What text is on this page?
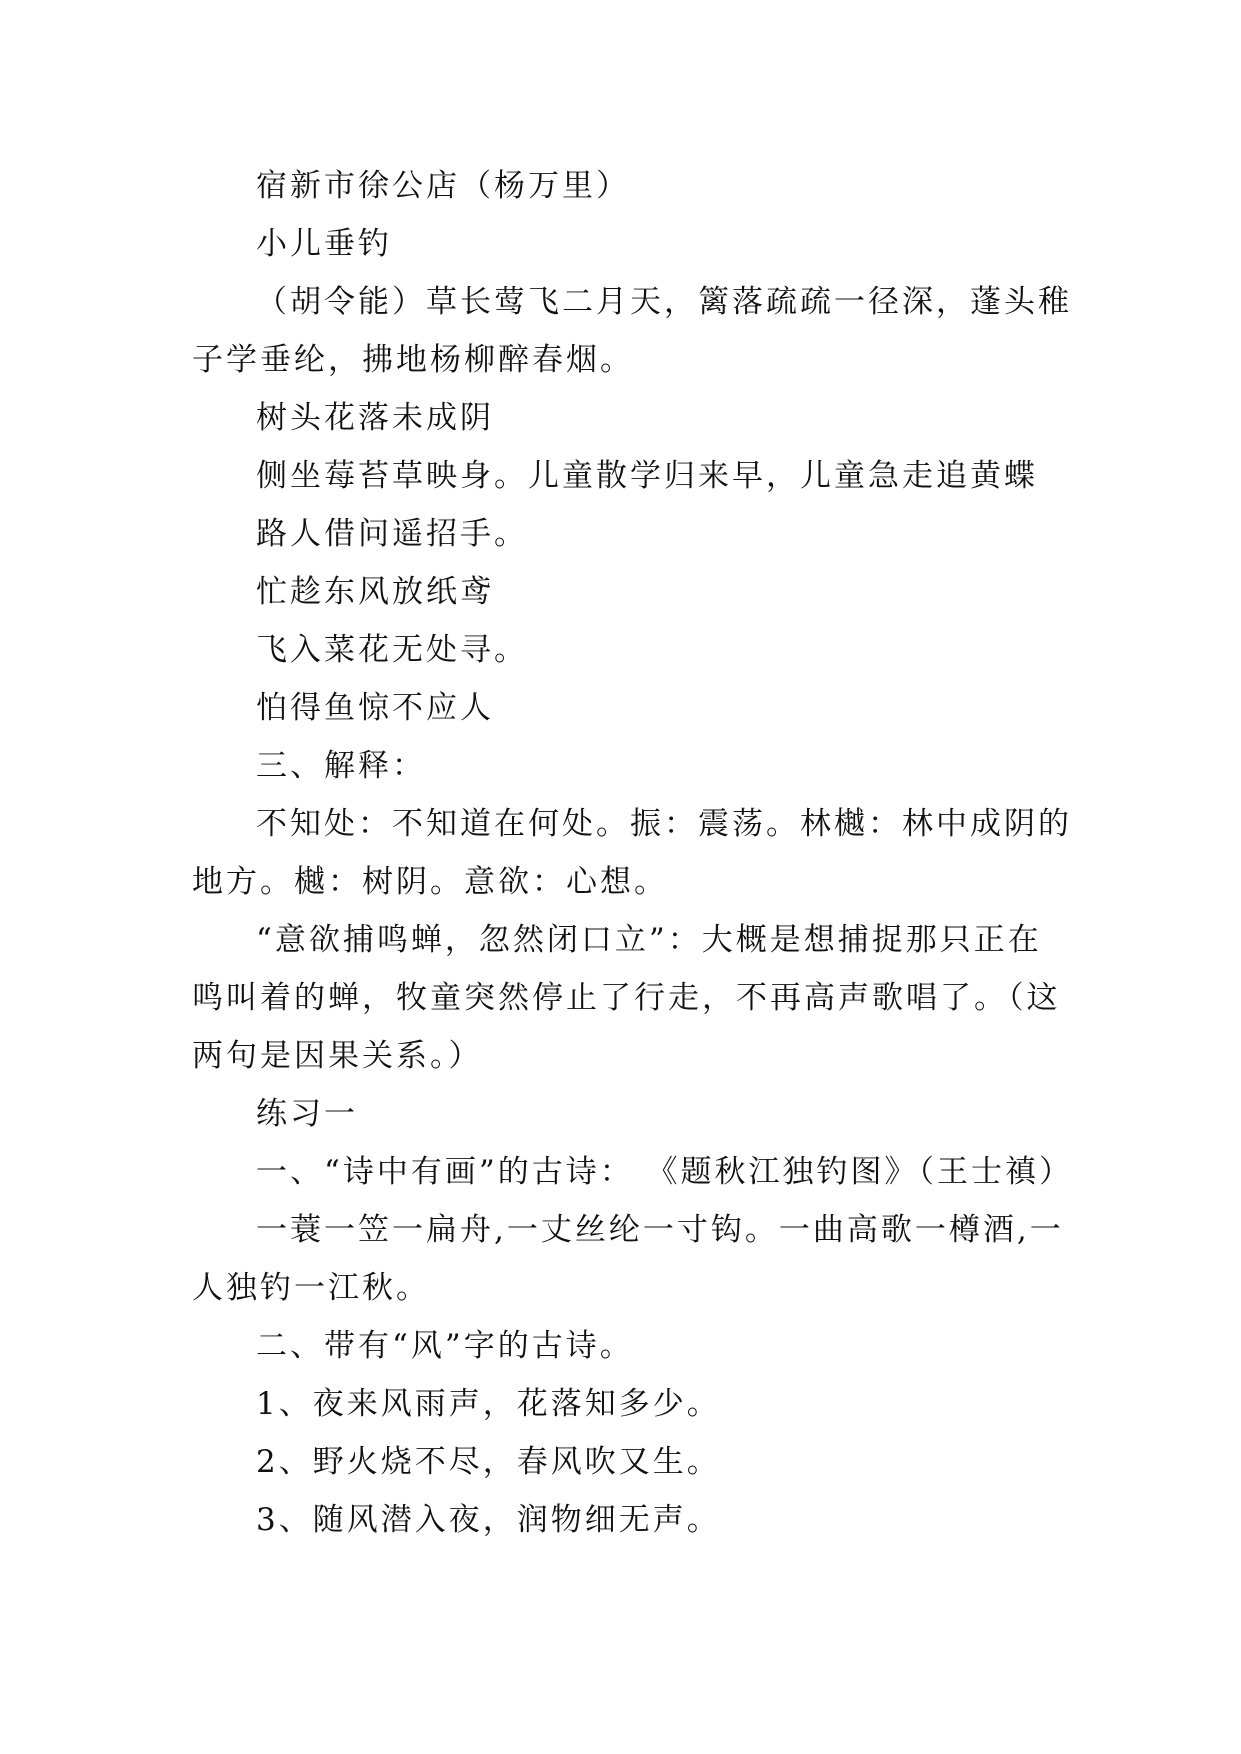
宿新市徐公店（杨万里）

小儿垂钓

（胡令能）草长莺飞二月天，篱落疏疏一径深，蓬头稚子学垂纶，拂地杨柳醉春烟。

树头花落未成阴

侧坐莓苔草映身。儿童散学归来早，儿童急走追黄蝶

路人借问遥招手。

忙趁东风放纸鸢

飞入菜花无处寻。

怕得鱼惊不应人

三、解释：

不知处：不知道在何处。振：震荡。林樾：林中成阴的地方。樾：树阴。意欲：心想。

“意欲捕鸣蝉，忽然闭口立”：大概是想捕捉那只正在鸣叫着的蝉，牧童突然停止了行走，不再高声歌唱了。（这两句是因果关系。）

练习一

一、“诗中有画”的古诗： 《题秋江独钓图》（王士禛）

一蓑一笠一扁舟,一丈丝纶一寸钩。一曲高歌一樽酒,一人独钓一江秋。

二、带有“风”字的古诗。

1、夜来风雨声，花落知多少。

2、野火烧不尽，春风吹又生。

3、随风潜入夜，润物细无声。
